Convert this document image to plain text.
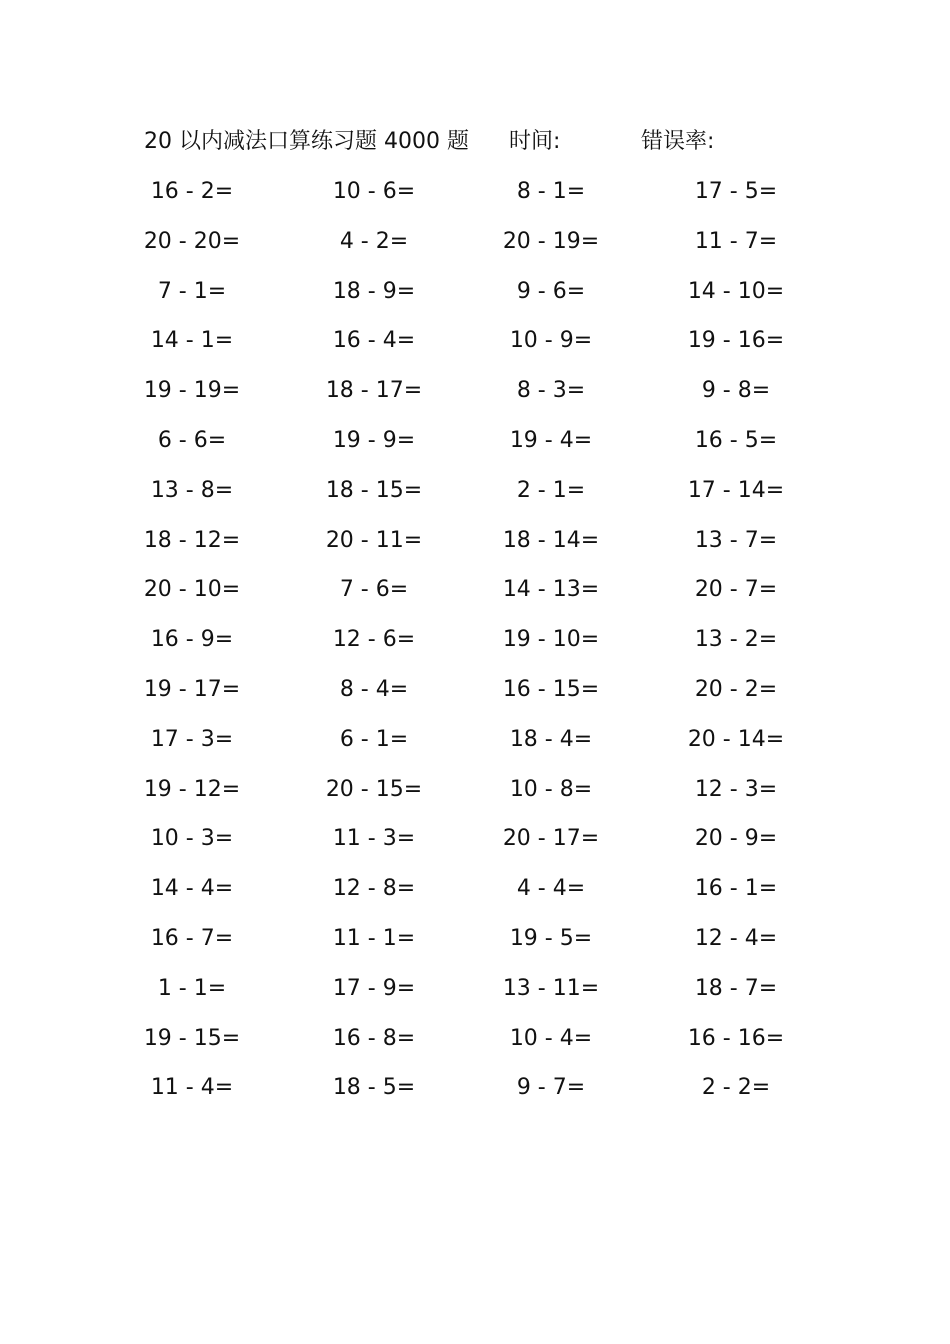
20 以内减法口算练习题 4000 题 时间:	错误率:
16 - 2=	10 - 6=	8 - 1=	17 - 5=
20 - 20=	4 - 2=	20 - 19=	11 - 7=
7 - 1=	18 - 9=	9 - 6=	14 - 10=
14 - 1=	16 - 4=	10 - 9=	19 - 16=
19 - 19=	18 - 17=	8 - 3=	9 - 8=
6 - 6=	19 - 9=	19 - 4=	16 - 5=
13 - 8=	18 - 15=	2 - 1=	17 - 14=
18 - 12=	20 - 11=	18 - 14=	13 - 7=
20 - 10=	7 - 6=	14 - 13=	20 - 7=
16 - 9=	12 - 6=	19 - 10=	13 - 2=
19 - 17=	8 - 4=	16 - 15=	20 - 2=
17 - 3=	6 - 1=	18 - 4=	20 - 14=
19 - 12=	20 - 15=	10 - 8=	12 - 3=
10 - 3=	11 - 3=	20 - 17=	20 - 9=
14 - 4=	12 - 8=	4 - 4=	16 - 1=
16 - 7=	11 - 1=	19 - 5=	12 - 4=
1 - 1=	17 - 9=	13 - 11=	18 - 7=
19 - 15=	16 - 8=	10 - 4=	16 - 16=
11 - 4=	18 - 5=	9 - 7=	2 - 2=
